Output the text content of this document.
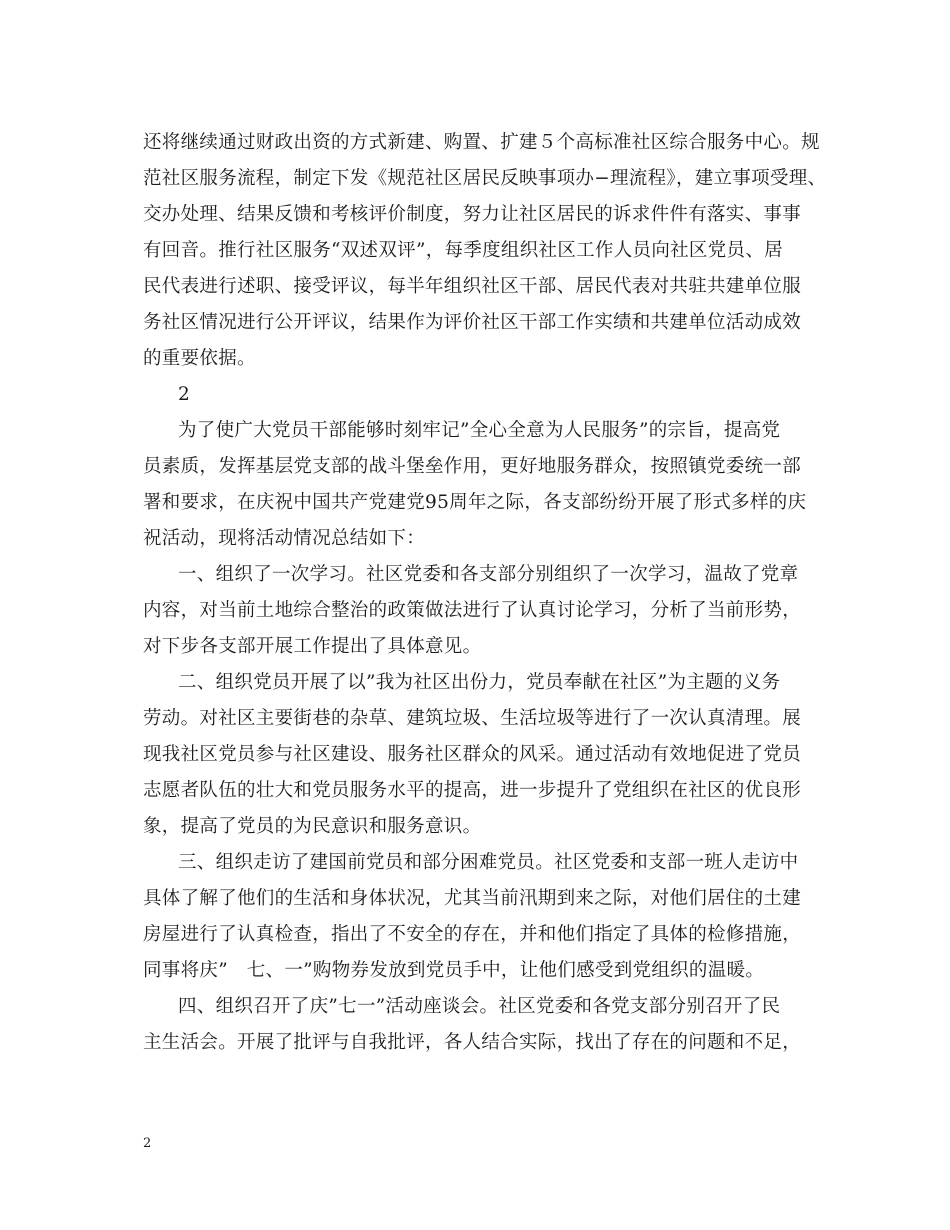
还将继续通过财政出资的方式新建、购置、扩建５个高标准社区综合服务中心。规
范社区服务流程，制定下发《规范社区居民反映事项办−理流程》，建立事项受理、
交办处理、结果反馈和考核评价制度，努力让社区居民的诉求件件有落实、事事
有回音。推行社区服务“双述双评”，每季度组织社区工作人员向社区党员、居
民代表进行述职、接受评议，每半年组织社区干部、居民代表对共驻共建单位服
务社区情况进行公开评议，结果作为评价社区干部工作实绩和共建单位活动成效
的重要依据。
2
为了使广大党员干部能够时刻牢记”全心全意为人民服务”的宗旨，提高党
员素质，发挥基层党支部的战斗堡垒作用，更好地服务群众，按照镇党委统一部
署和要求，在庆祝中国共产党建党95周年之际，各支部纷纷开展了形式多样的庆
祝活动，现将活动情况总结如下：
一、组织了一次学习。社区党委和各支部分别组织了一次学习，温故了党章
内容，对当前土地综合整治的政策做法进行了认真讨论学习，分析了当前形势，
对下步各支部开展工作提出了具体意见。
二、组织党员开展了以”我为社区出份力，党员奉献在社区”为主题的义务
劳动。对社区主要街巷的杂草、建筑垃圾、生活垃圾等进行了一次认真清理。展
现我社区党员参与社区建设、服务社区群众的风采。通过活动有效地促进了党员
志愿者队伍的壮大和党员服务水平的提高，进一步提升了党组织在社区的优良形
象，提高了党员的为民意识和服务意识。
三、组织走访了建国前党员和部分困难党员。社区党委和支部一班人走访中
具体了解了他们的生活和身体状况，尤其当前汛期到来之际，对他们居住的土建
房屋进行了认真检查，指出了不安全的存在，并和他们指定了具体的检修措施，
同事将庆”　七、一”购物券发放到党员手中，让他们感受到党组织的温暖。
四、组织召开了庆”七一”活动座谈会。社区党委和各党支部分别召开了民
主生活会。开展了批评与自我批评，各人结合实际，找出了存在的问题和不足，
2
